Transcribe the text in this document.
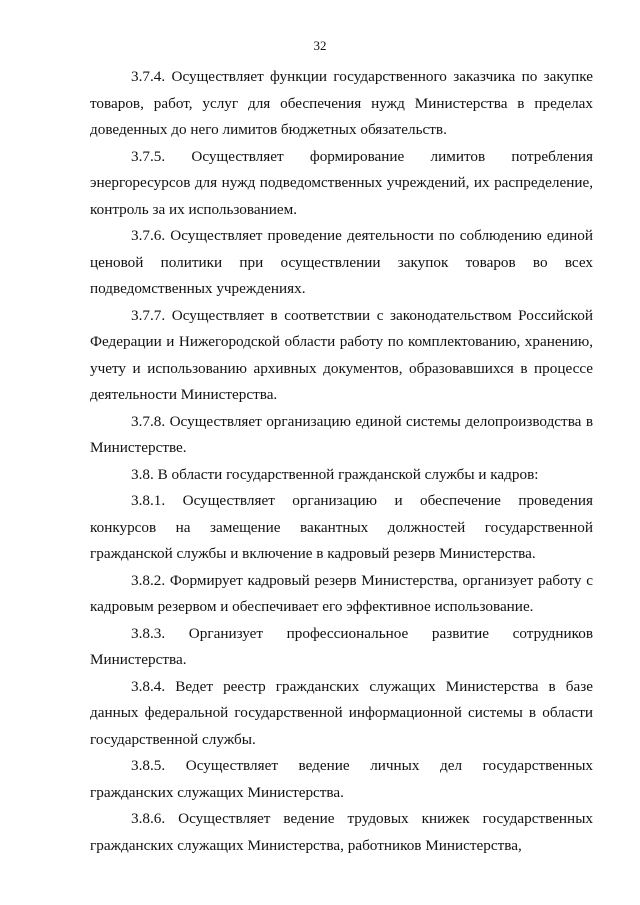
32

3.7.4. Осуществляет функции государственного заказчика по закупке товаров, работ, услуг для обеспечения нужд Министерства в пределах доведенных до него лимитов бюджетных обязательств.

3.7.5. Осуществляет формирование лимитов потребления энергоресурсов для нужд подведомственных учреждений, их распределение, контроль за их использованием.

3.7.6. Осуществляет проведение деятельности по соблюдению единой ценовой политики при осуществлении закупок товаров во всех подведомственных учреждениях.

3.7.7. Осуществляет в соответствии с законодательством Российской Федерации и Нижегородской области работу по комплектованию, хранению, учету и использованию архивных документов, образовавшихся в процессе деятельности Министерства.

3.7.8. Осуществляет организацию единой системы делопроизводства в Министерстве.

3.8. В области государственной гражданской службы и кадров:

3.8.1. Осуществляет организацию и обеспечение проведения конкурсов на замещение вакантных должностей государственной гражданской службы и включение в кадровый резерв Министерства.

3.8.2. Формирует кадровый резерв Министерства, организует работу с кадровым резервом и обеспечивает его эффективное использование.

3.8.3. Организует профессиональное развитие сотрудников Министерства.

3.8.4. Ведет реестр гражданских служащих Министерства в базе данных федеральной государственной информационной системы в области государственной службы.

3.8.5. Осуществляет ведение личных дел государственных гражданских служащих Министерства.

3.8.6. Осуществляет ведение трудовых книжек государственных гражданских служащих Министерства, работников Министерства,
